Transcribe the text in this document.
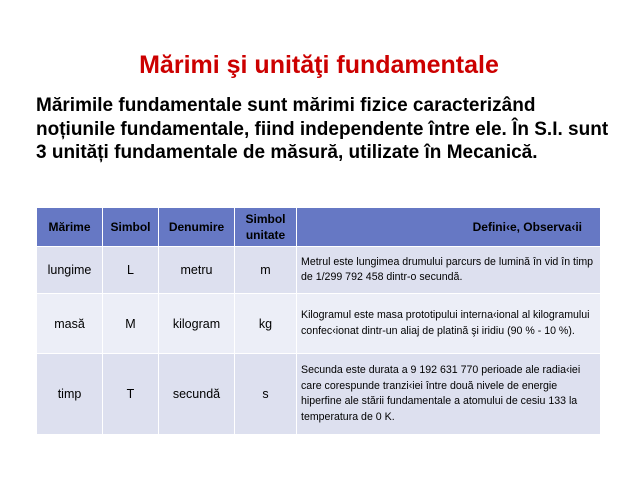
Mărimi şi unităţi fundamentale
Mărimile fundamentale sunt mărimi fizice caracterizând noțiunile fundamentale, fiind independente între ele. În S.I. sunt 3 unități fundamentale de măsură, utilizate în Mecanică.
Mărime	Simbol	Denumire	Simbol unitate	Defini‹e, Observa‹ii
lungime	L	metru	m	Metrul este lungimea drumului parcurs de lumină în vid în timp de 1/299 792 458 dintr-o secundă.
masă	M	kilogram	kg	Kilogramul este masa prototipului interna‹ional al kilogramului confec‹ionat dintr-un aliaj de platină şi iridiu (90 % - 10 %).
timp	T	secundă	s	Secunda este durata a 9 192 631 770 perioade ale radia‹iei care corespunde tranzi‹iei între două nivele de energie hiperfine ale stării fundamentale a atomului de cesiu 133 la temperatura de 0 K.
